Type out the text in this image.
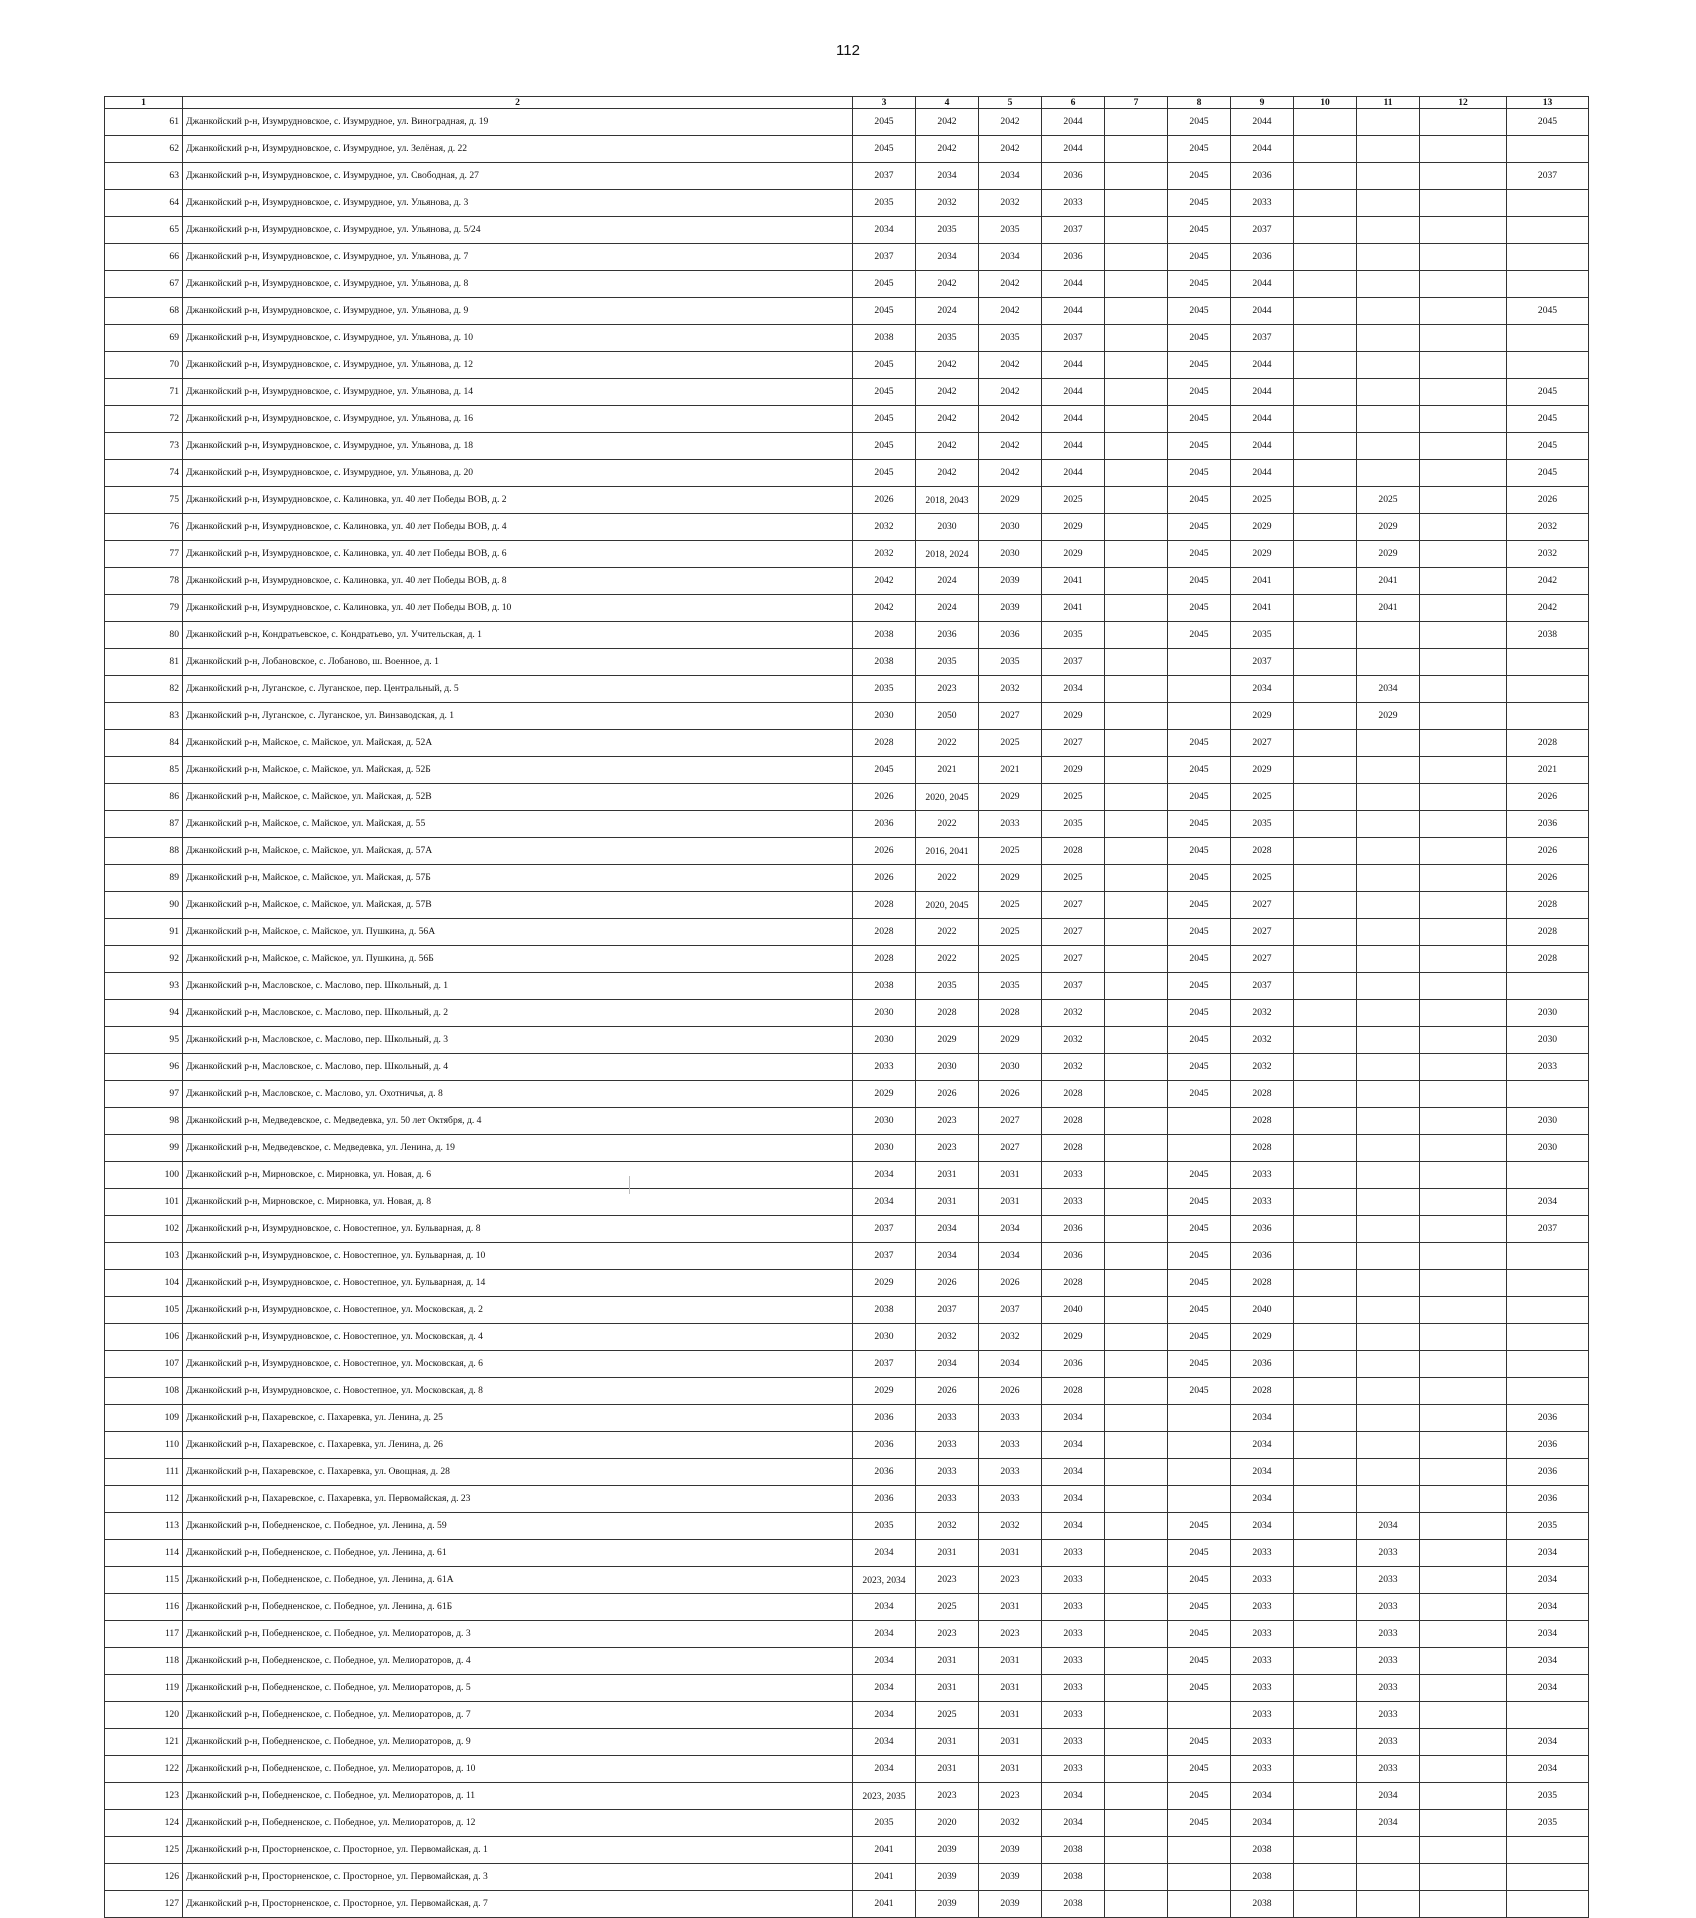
112
1	2	3	4	5	6	7	8	9	10	11	12	13
61	Джанкойский р-н, Изумрудновское, с. Изумрудное, ул. Виноградная, д. 19	2045	2042	2042	2044		2045	2044				2045
62	Джанкойский р-н, Изумрудновское, с. Изумрудное, ул. Зелёная, д. 22	2045	2042	2042	2044		2045	2044				
63	Джанкойский р-н, Изумрудновское, с. Изумрудное, ул. Свободная, д. 27	2037	2034	2034	2036		2045	2036				2037
64	Джанкойский р-н, Изумрудновское, с. Изумрудное, ул. Ульянова, д. 3	2035	2032	2032	2033		2045	2033				
65	Джанкойский р-н, Изумрудновское, с. Изумрудное, ул. Ульянова, д. 5/24	2034	2035	2035	2037		2045	2037				
66	Джанкойский р-н, Изумрудновское, с. Изумрудное, ул. Ульянова, д. 7	2037	2034	2034	2036		2045	2036				
67	Джанкойский р-н, Изумрудновское, с. Изумрудное, ул. Ульянова, д. 8	2045	2042	2042	2044		2045	2044				
68	Джанкойский р-н, Изумрудновское, с. Изумрудное, ул. Ульянова, д. 9	2045	2024	2042	2044		2045	2044				2045
69	Джанкойский р-н, Изумрудновское, с. Изумрудное, ул. Ульянова, д. 10	2038	2035	2035	2037		2045	2037				
70	Джанкойский р-н, Изумрудновское, с. Изумрудное, ул. Ульянова, д. 12	2045	2042	2042	2044		2045	2044				
71	Джанкойский р-н, Изумрудновское, с. Изумрудное, ул. Ульянова, д. 14	2045	2042	2042	2044		2045	2044				2045
72	Джанкойский р-н, Изумрудновское, с. Изумрудное, ул. Ульянова, д. 16	2045	2042	2042	2044		2045	2044				2045
73	Джанкойский р-н, Изумрудновское, с. Изумрудное, ул. Ульянова, д. 18	2045	2042	2042	2044		2045	2044				2045
74	Джанкойский р-н, Изумрудновское, с. Изумрудное, ул. Ульянова, д. 20	2045	2042	2042	2044		2045	2044				2045
75	Джанкойский р-н, Изумрудновское, с. Калиновка, ул. 40 лет Победы ВОВ, д. 2	2026	2018, 2043	2029	2025		2045	2025		2025		2026
76	Джанкойский р-н, Изумрудновское, с. Калиновка, ул. 40 лет Победы ВОВ, д. 4	2032	2030	2030	2029		2045	2029		2029		2032
77	Джанкойский р-н, Изумрудновское, с. Калиновка, ул. 40 лет Победы ВОВ, д. 6	2032	2018, 2024	2030	2029		2045	2029		2029		2032
78	Джанкойский р-н, Изумрудновское, с. Калиновка, ул. 40 лет Победы ВОВ, д. 8	2042	2024	2039	2041		2045	2041		2041		2042
79	Джанкойский р-н, Изумрудновское, с. Калиновка, ул. 40 лет Победы ВОВ, д. 10	2042	2024	2039	2041		2045	2041		2041		2042
80	Джанкойский р-н, Кондратьевское, с. Кондратьево, ул. Учительская, д. 1	2038	2036	2036	2035		2045	2035				2038
81	Джанкойский р-н, Лобановское, с. Лобаново, ш. Военное, д. 1	2038	2035	2035	2037			2037				
82	Джанкойский р-н, Луганское, с. Луганское, пер. Центральный, д. 5	2035	2023	2032	2034			2034		2034		
83	Джанкойский р-н, Луганское, с. Луганское, ул. Винзаводская, д. 1	2030	2050	2027	2029			2029		2029		
84	Джанкойский р-н, Майское, с. Майское, ул. Майская, д. 52А	2028	2022	2025	2027		2045	2027				2028
85	Джанкойский р-н, Майское, с. Майское, ул. Майская, д. 52Б	2045	2021	2021	2029		2045	2029				2021
86	Джанкойский р-н, Майское, с. Майское, ул. Майская, д. 52В	2026	2020, 2045	2029	2025		2045	2025				2026
87	Джанкойский р-н, Майское, с. Майское, ул. Майская, д. 55	2036	2022	2033	2035		2045	2035				2036
88	Джанкойский р-н, Майское, с. Майское, ул. Майская, д. 57А	2026	2016, 2041	2025	2028		2045	2028				2026
89	Джанкойский р-н, Майское, с. Майское, ул. Майская, д. 57Б	2026	2022	2029	2025		2045	2025				2026
90	Джанкойский р-н, Майское, с. Майское, ул. Майская, д. 57В	2028	2020, 2045	2025	2027		2045	2027				2028
91	Джанкойский р-н, Майское, с. Майское, ул. Пушкина, д. 56А	2028	2022	2025	2027		2045	2027				2028
92	Джанкойский р-н, Майское, с. Майское, ул. Пушкина, д. 56Б	2028	2022	2025	2027		2045	2027				2028
93	Джанкойский р-н, Масловское, с. Маслово, пер. Школьный, д. 1	2038	2035	2035	2037		2045	2037				
94	Джанкойский р-н, Масловское, с. Маслово, пер. Школьный, д. 2	2030	2028	2028	2032		2045	2032				2030
95	Джанкойский р-н, Масловское, с. Маслово, пер. Школьный, д. 3	2030	2029	2029	2032		2045	2032				2030
96	Джанкойский р-н, Масловское, с. Маслово, пер. Школьный, д. 4	2033	2030	2030	2032		2045	2032				2033
97	Джанкойский р-н, Масловское, с. Маслово, ул. Охотничья, д. 8	2029	2026	2026	2028		2045	2028				
98	Джанкойский р-н, Медведевское, с. Медведевка, ул. 50 лет Октября, д. 4	2030	2023	2027	2028			2028				2030
99	Джанкойский р-н, Медведевское, с. Медведевка, ул. Ленина, д. 19	2030	2023	2027	2028			2028				2030
100	Джанкойский р-н, Мирновское, с. Мирновка, ул. Новая, д. 6	2034	2031	2031	2033		2045	2033				
101	Джанкойский р-н, Мирновское, с. Мирновка, ул. Новая, д. 8	2034	2031	2031	2033		2045	2033				2034
102	Джанкойский р-н, Изумрудновское, с. Новостепное, ул. Бульварная, д. 8	2037	2034	2034	2036		2045	2036				2037
103	Джанкойский р-н, Изумрудновское, с. Новостепное, ул. Бульварная, д. 10	2037	2034	2034	2036		2045	2036				
104	Джанкойский р-н, Изумрудновское, с. Новостепное, ул. Бульварная, д. 14	2029	2026	2026	2028		2045	2028				
105	Джанкойский р-н, Изумрудновское, с. Новостепное, ул. Московская, д. 2	2038	2037	2037	2040		2045	2040				
106	Джанкойский р-н, Изумрудновское, с. Новостепное, ул. Московская, д. 4	2030	2032	2032	2029		2045	2029				
107	Джанкойский р-н, Изумрудновское, с. Новостепное, ул. Московская, д. 6	2037	2034	2034	2036		2045	2036				
108	Джанкойский р-н, Изумрудновское, с. Новостепное, ул. Московская, д. 8	2029	2026	2026	2028		2045	2028				
109	Джанкойский р-н, Пахаревское, с. Пахаревка, ул. Ленина, д. 25	2036	2033	2033	2034			2034				2036
110	Джанкойский р-н, Пахаревское, с. Пахаревка, ул. Ленина, д. 26	2036	2033	2033	2034			2034				2036
111	Джанкойский р-н, Пахаревское, с. Пахаревка, ул. Овощная, д. 28	2036	2033	2033	2034			2034				2036
112	Джанкойский р-н, Пахаревское, с. Пахаревка, ул. Первомайская, д. 23	2036	2033	2033	2034			2034				2036
113	Джанкойский р-н, Победненское, с. Победное, ул. Ленина, д. 59	2035	2032	2032	2034		2045	2034		2034		2035
114	Джанкойский р-н, Победненское, с. Победное, ул. Ленина, д. 61	2034	2031	2031	2033		2045	2033		2033		2034
115	Джанкойский р-н, Победненское, с. Победное, ул. Ленина, д. 61А	2023, 2034	2023	2023	2033		2045	2033		2033		2034
116	Джанкойский р-н, Победненское, с. Победное, ул. Ленина, д. 61Б	2034	2025	2031	2033		2045	2033		2033		2034
117	Джанкойский р-н, Победненское, с. Победное, ул. Мелиораторов, д. 3	2034	2023	2023	2033		2045	2033		2033		2034
118	Джанкойский р-н, Победненское, с. Победное, ул. Мелиораторов, д. 4	2034	2031	2031	2033		2045	2033		2033		2034
119	Джанкойский р-н, Победненское, с. Победное, ул. Мелиораторов, д. 5	2034	2031	2031	2033		2045	2033		2033		2034
120	Джанкойский р-н, Победненское, с. Победное, ул. Мелиораторов, д. 7	2034	2025	2031	2033			2033		2033		
121	Джанкойский р-н, Победненское, с. Победное, ул. Мелиораторов, д. 9	2034	2031	2031	2033		2045	2033		2033		2034
122	Джанкойский р-н, Победненское, с. Победное, ул. Мелиораторов, д. 10	2034	2031	2031	2033		2045	2033		2033		2034
123	Джанкойский р-н, Победненское, с. Победное, ул. Мелиораторов, д. 11	2023, 2035	2023	2023	2034		2045	2034		2034		2035
124	Джанкойский р-н, Победненское, с. Победное, ул. Мелиораторов, д. 12	2035	2020	2032	2034		2045	2034		2034		2035
125	Джанкойский р-н, Просторненское, с. Просторное, ул. Первомайская, д. 1	2041	2039	2039	2038			2038				
126	Джанкойский р-н, Просторненское, с. Просторное, ул. Первомайская, д. 3	2041	2039	2039	2038			2038				
127	Джанкойский р-н, Просторненское, с. Просторное, ул. Первомайская, д. 7	2041	2039	2039	2038			2038				
